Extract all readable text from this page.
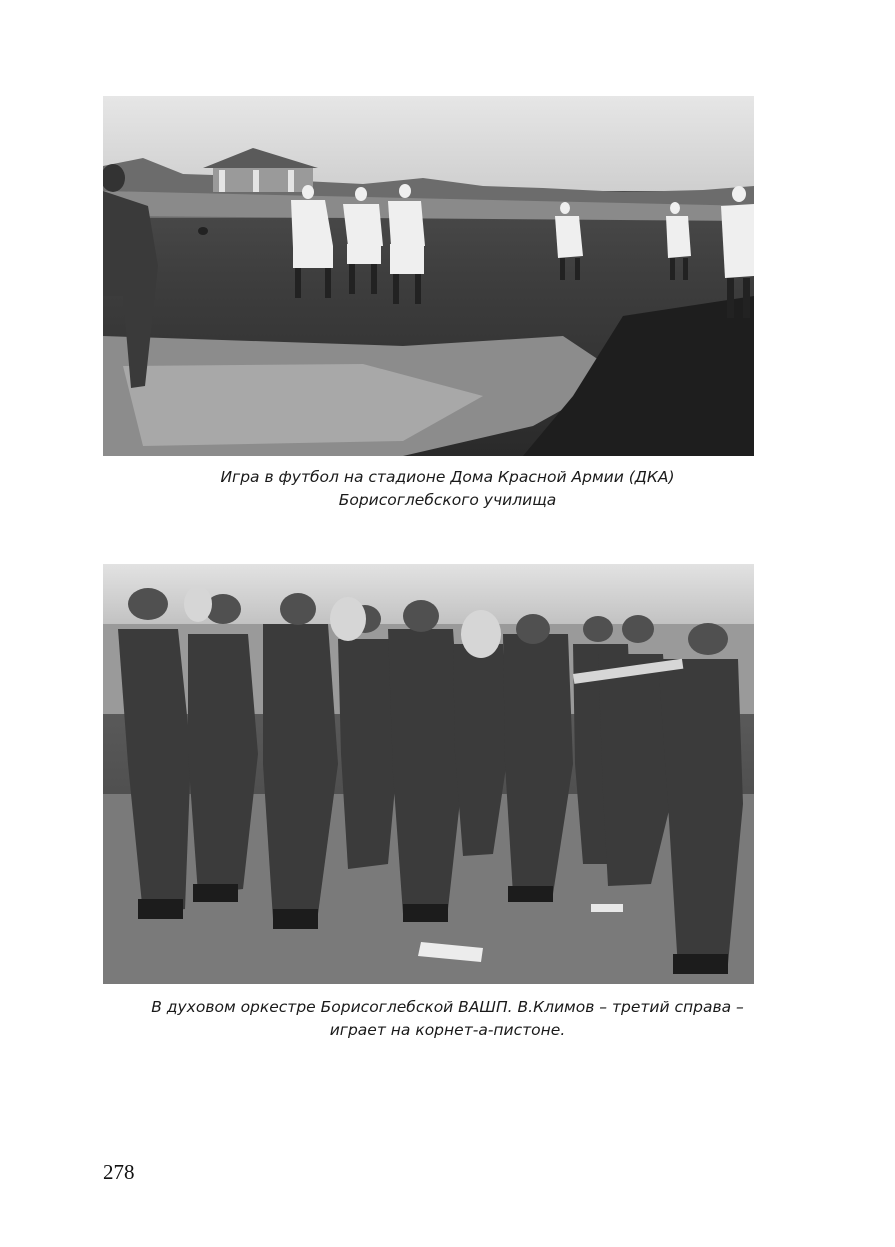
Игра в футбол на стадионе Дома Красной Армии (ДКА)
Борисоглебского училища
В духовом оркестре Борисоглебской ВАШП. В.Климов – третий справа –
играет на корнет-а-пистоне.
278
